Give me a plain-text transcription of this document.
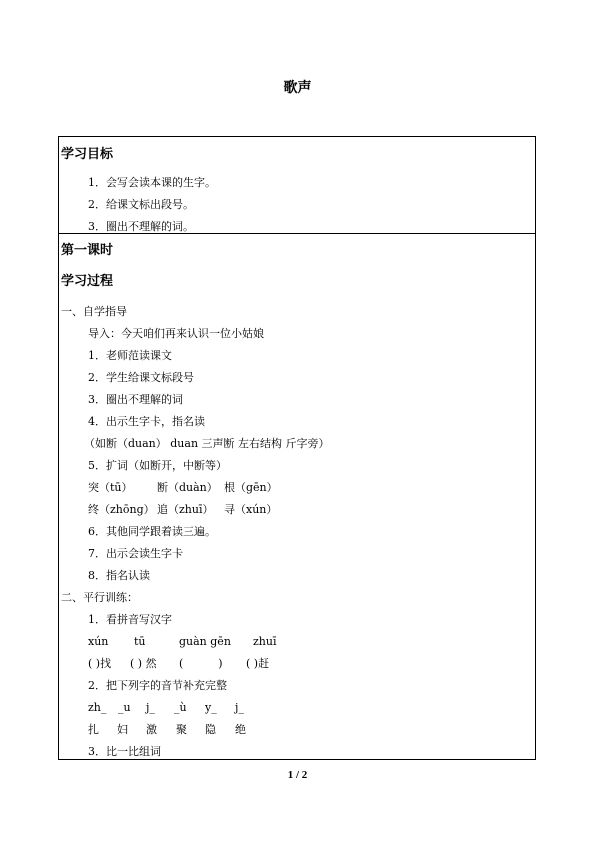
歌声
学习目标
1．会写会读本课的生字。
2．给课文标出段号。
3．圈出不理解的词。
第一课时
学习过程
一、自学指导
导入：今天咱们再来认识一位小姑娘
1．老师范读课文
2．学生给课文标段号
3．圈出不理解的词
4．出示生字卡，指名读
（如断（duan） duan 三声断 左右结构 斤字旁）
5．扩词（如断开，中断等）
突（tū） 断（duàn） 根（gēn）
终（zhōng） 追（zhuī） 寻（xún）
6．其他同学跟着读三遍。
7．出示会读生字卡
8．指名认读
二、平行训练：
1．看拼音写汉字
xún tū	guàn gēn zhuī
( )找 ( ) 然 (          ) ( )赶
2．把下列字的音节补充完整
zh_ _u j_ _ù y_ j_
扎 妇 激 聚 隐 绝
3．比一比组词
1 / 2
